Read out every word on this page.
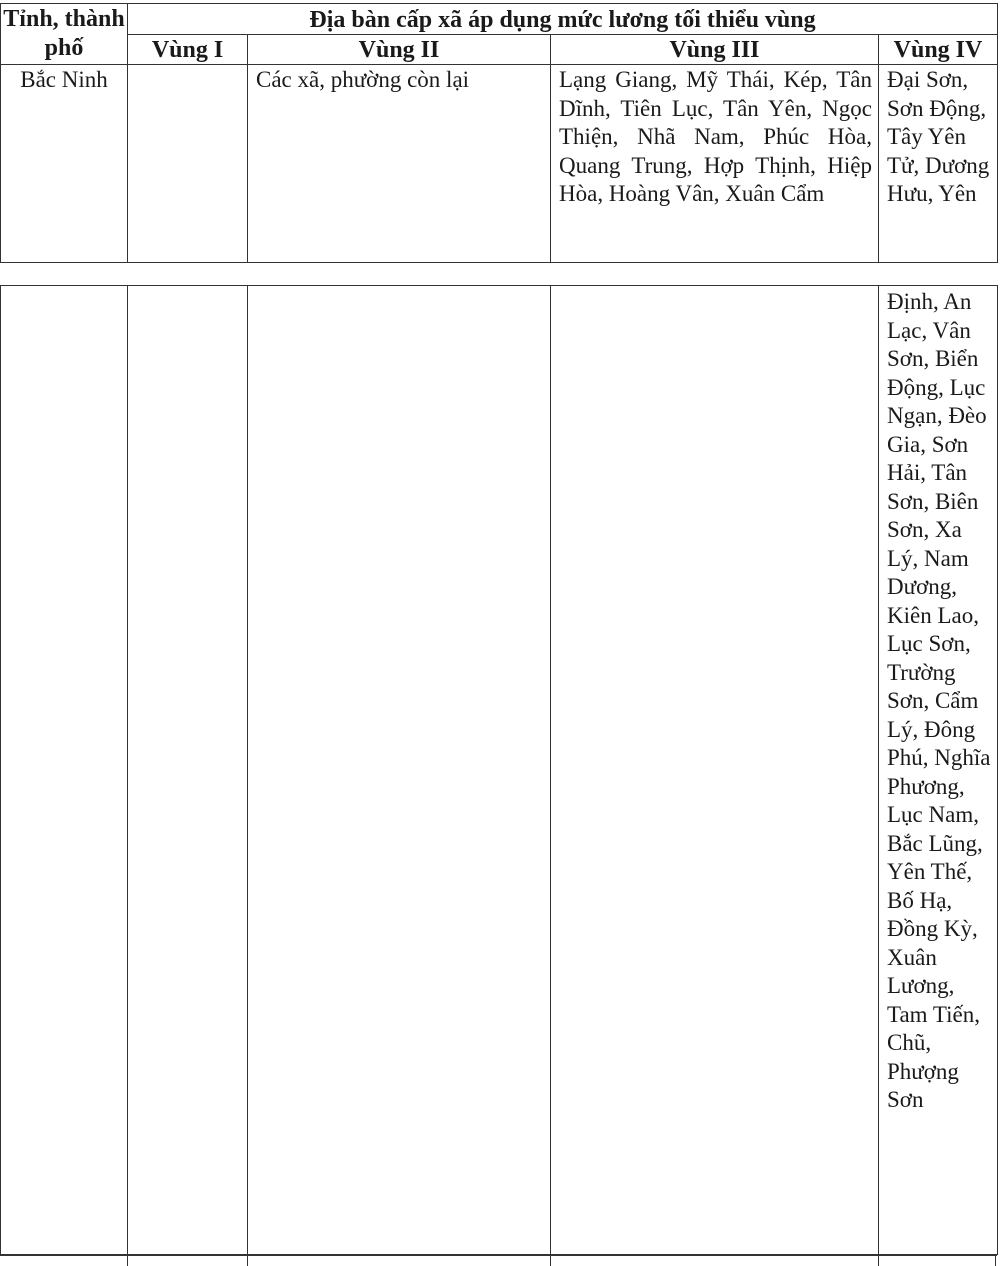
Tỉnh, thành phố	Địa bàn cấp xã áp dụng mức lương tối thiểu vùng			
	Vùng I	Vùng II	Vùng III	Vùng IV
Bắc Ninh		Các xã, phường còn lại	Lạng Giang, Mỹ Thái, Kép, Tân Dĩnh, Tiên Lục, Tân Yên, Ngọc Thiện, Nhã Nam, Phúc Hòa, Quang Trung, Hợp Thịnh, Hiệp Hòa, Hoàng Vân, Xuân Cẩm	Đại Sơn, Sơn Động, Tây Yên Tử, Dương Hưu, Yên
				Định, An Lạc, Vân Sơn, Biển Động, Lục Ngạn, Đèo Gia, Sơn Hải, Tân Sơn, Biên Sơn, Xa Lý, Nam Dương, Kiên Lao, Lục Sơn, Trường Sơn, Cẩm Lý, Đông Phú, Nghĩa Phương, Lục Nam, Bắc Lũng, Yên Thế, Bố Hạ, Đồng Kỳ, Xuân Lương, Tam Tiến, Chũ, Phượng Sơn
